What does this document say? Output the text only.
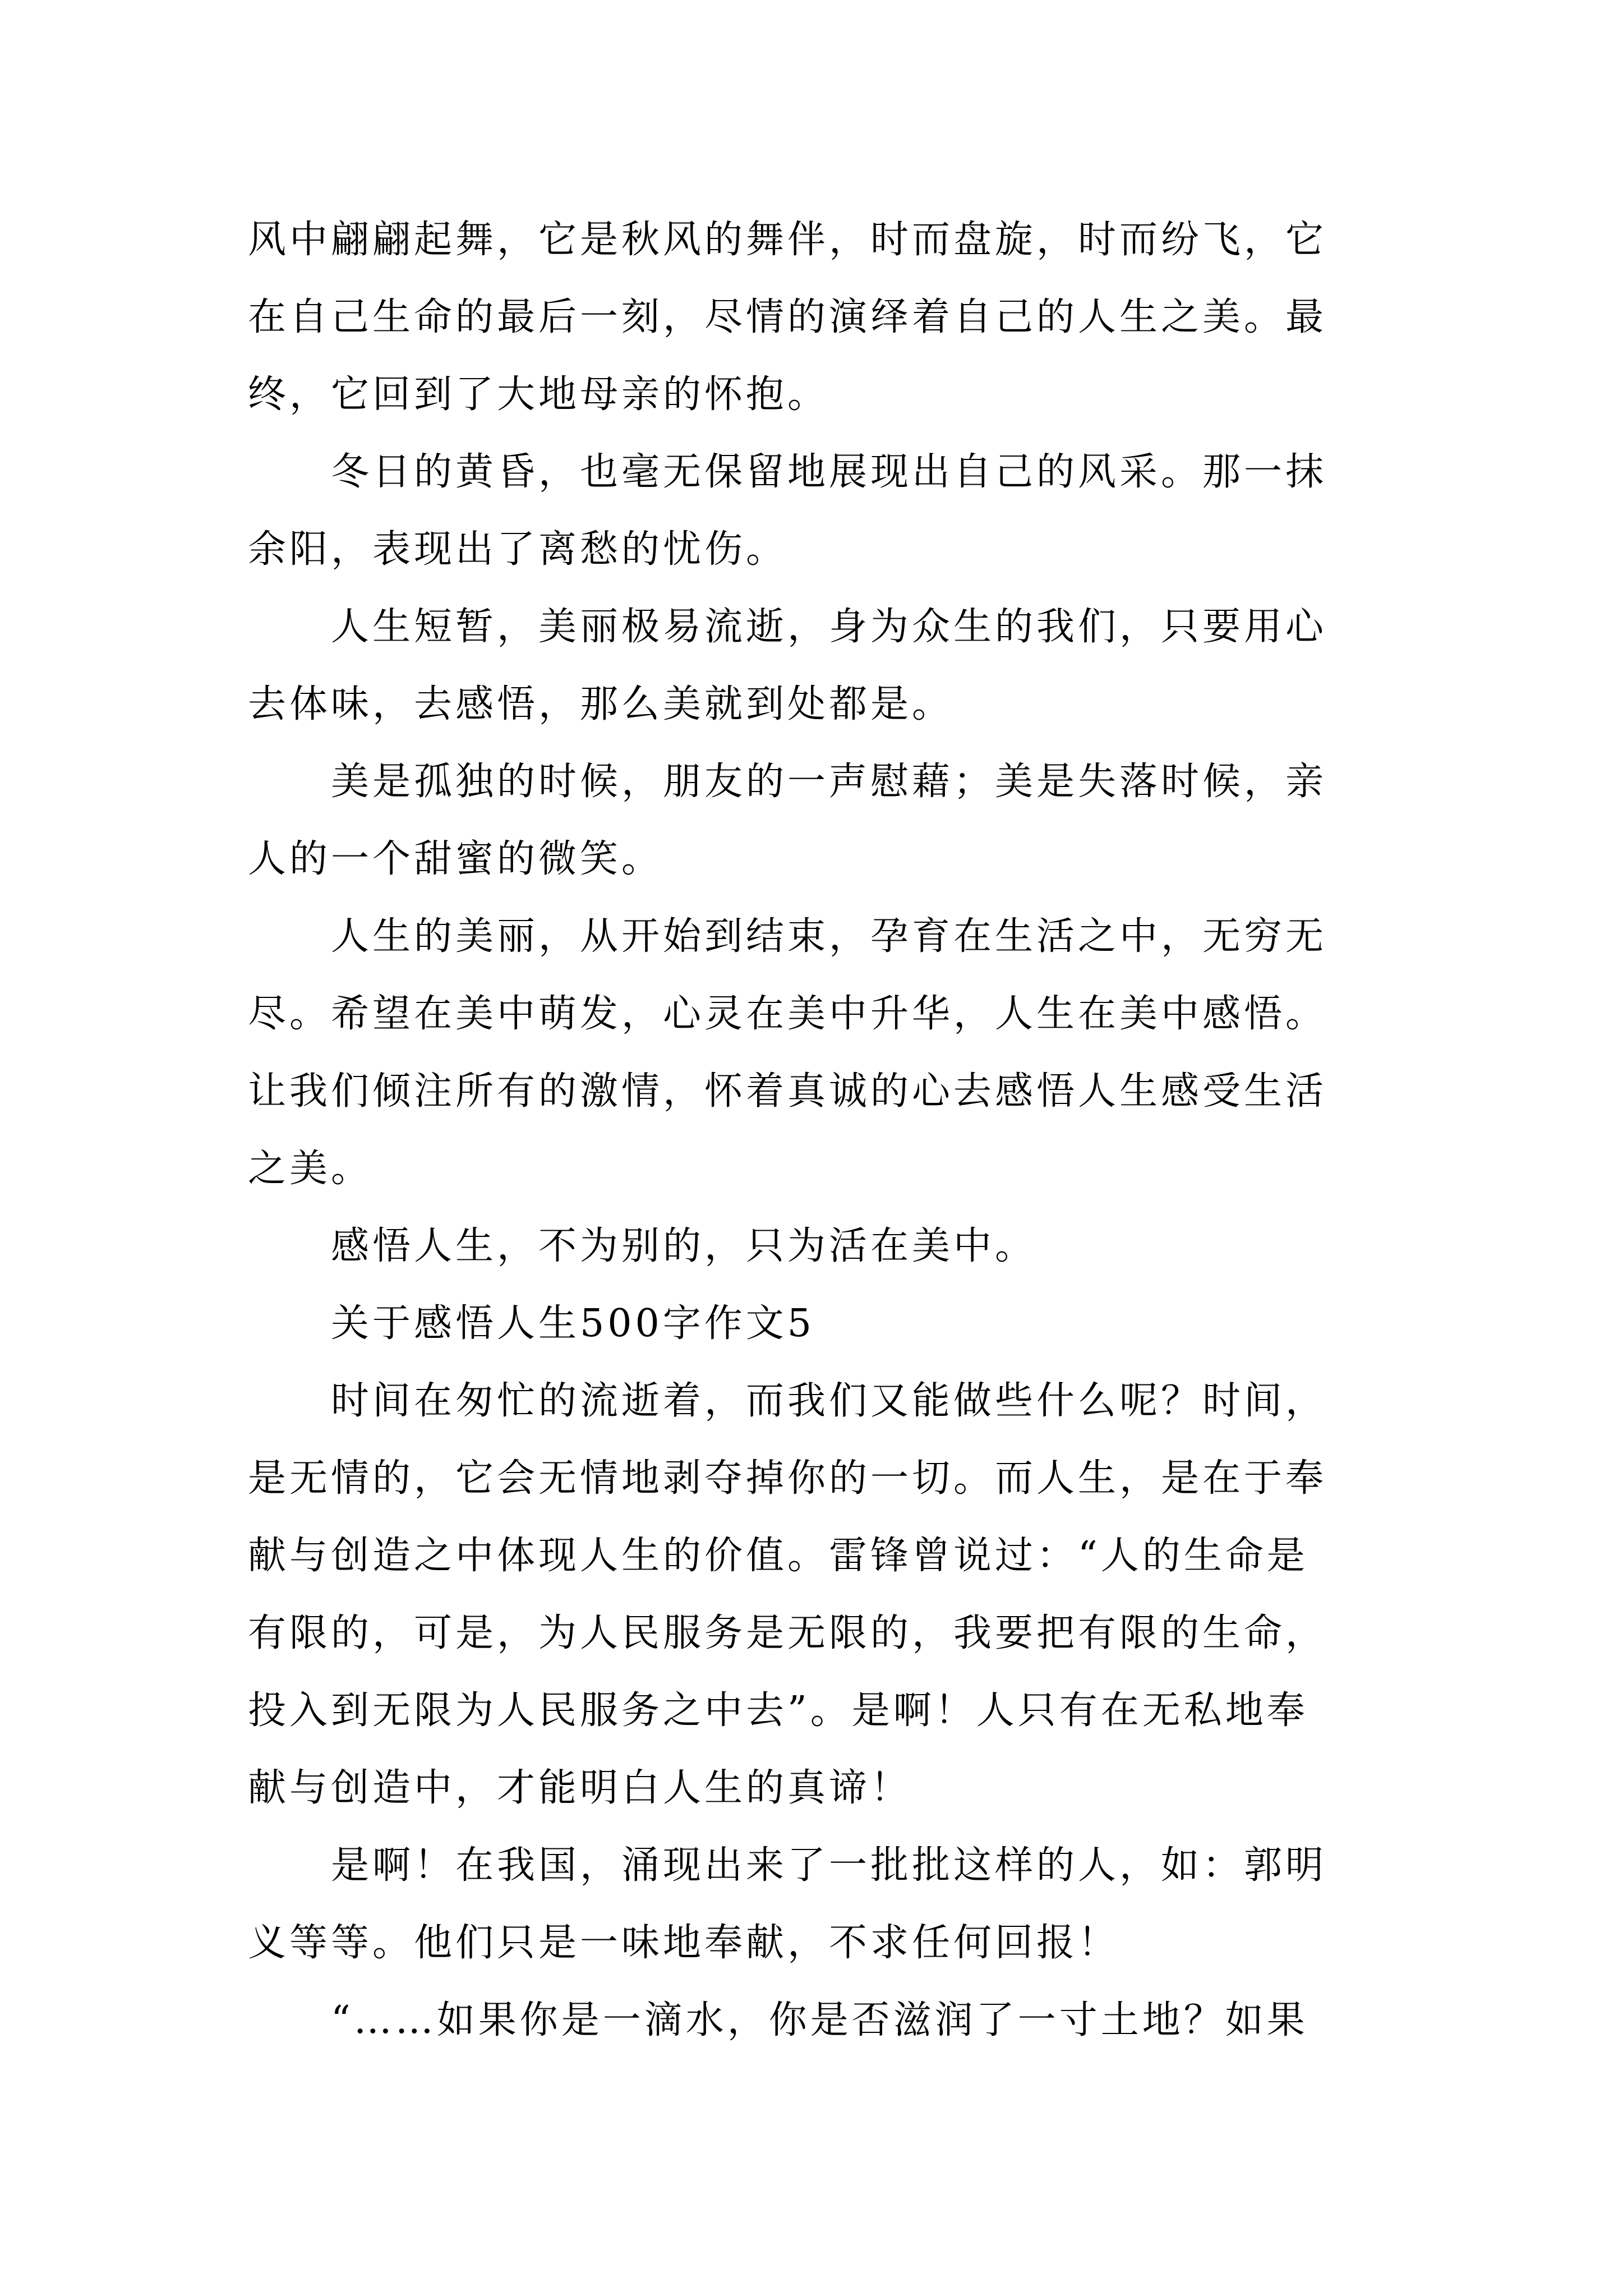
风中翩翩起舞，它是秋风的舞伴，时而盘旋，时而纷飞，它
在自己生命的最后一刻，尽情的演绎着自己的人生之美。最
终，它回到了大地母亲的怀抱。
　　冬日的黄昏，也毫无保留地展现出自己的风采。那一抹
余阳，表现出了离愁的忧伤。
　　人生短暂，美丽极易流逝，身为众生的我们，只要用心
去体味，去感悟，那么美就到处都是。
　　美是孤独的时候，朋友的一声慰藉；美是失落时候，亲
人的一个甜蜜的微笑。
　　人生的美丽，从开始到结束，孕育在生活之中，无穷无
尽。希望在美中萌发，心灵在美中升华，人生在美中感悟。
让我们倾注所有的激情，怀着真诚的心去感悟人生感受生活
之美。
　　感悟人生，不为别的，只为活在美中。
　　关于感悟人生500字作文5
　　时间在匆忙的流逝着，而我们又能做些什么呢？时间，
是无情的，它会无情地剥夺掉你的一切。而人生，是在于奉
献与创造之中体现人生的价值。雷锋曾说过：“人的生命是
有限的，可是，为人民服务是无限的，我要把有限的生命，
投入到无限为人民服务之中去”。是啊！人只有在无私地奉
献与创造中，才能明白人生的真谛！
　　是啊！在我国，涌现出来了一批批这样的人，如：郭明
义等等。他们只是一味地奉献，不求任何回报！
　　“……如果你是一滴水，你是否滋润了一寸土地？如果
